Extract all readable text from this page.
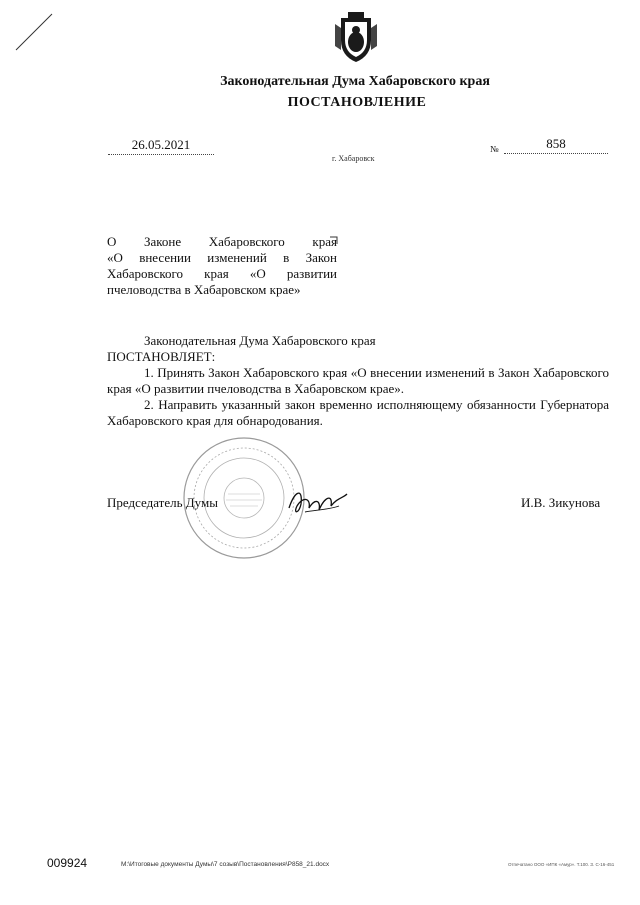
Законодательная Дума Хабаровского края
ПОСТАНОВЛЕНИЕ
26.05.2021
г. Хабаровск
№	858
О Законе Хабаровского края
«О внесении изменений в Закон
Хабаровского края «О развитии
пчеловодства в Хабаровском крае»

Законодательная Дума Хабаровского края

ПОСТАНОВЛЯЕТ:

1. Принять Закон Хабаровского края «О внесении изменений в Закон Хабаровского края «О развитии пчеловодства в Хабаровском крае».

2. Направить указанный закон временно исполняющему обязанности Губернатора Хабаровского края для обнародования.

Председатель Думы	И.В. Зикунова
009924	M:\Итоговые документы Думы\7 созыв\Постановления\P858_21.docx	Отпечатано ООО «ИПК «Амур». Т.100. З. С-16-451
